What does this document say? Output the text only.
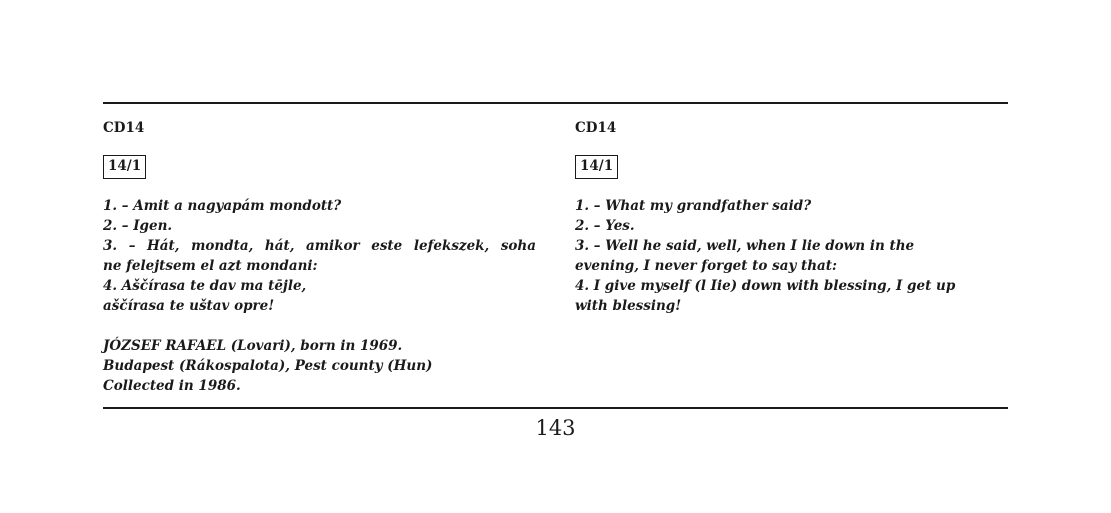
CD14

14/1
1. – Amit a nagyapám mondott?
2. – Igen.
3. – Hát, mondta, hát, amikor este lefekszek, soha
ne felejtsem el azt mondani:
4. Aščírasa te dav ma tējle,
aščírasa te uštav opre!
JÓZSEF RAFAEL (Lovari), born in 1969.
Budapest (Rákospalota), Pest county (Hun)
Collected in 1986.

CD14

14/1
1. – What my grandfather said?
2. – Yes.
3. – Well he said, well, when I lie down in the
evening, I never forget to say that:
4. I give myself (l Iie) down with blessing, I get up
with blessing!
143
